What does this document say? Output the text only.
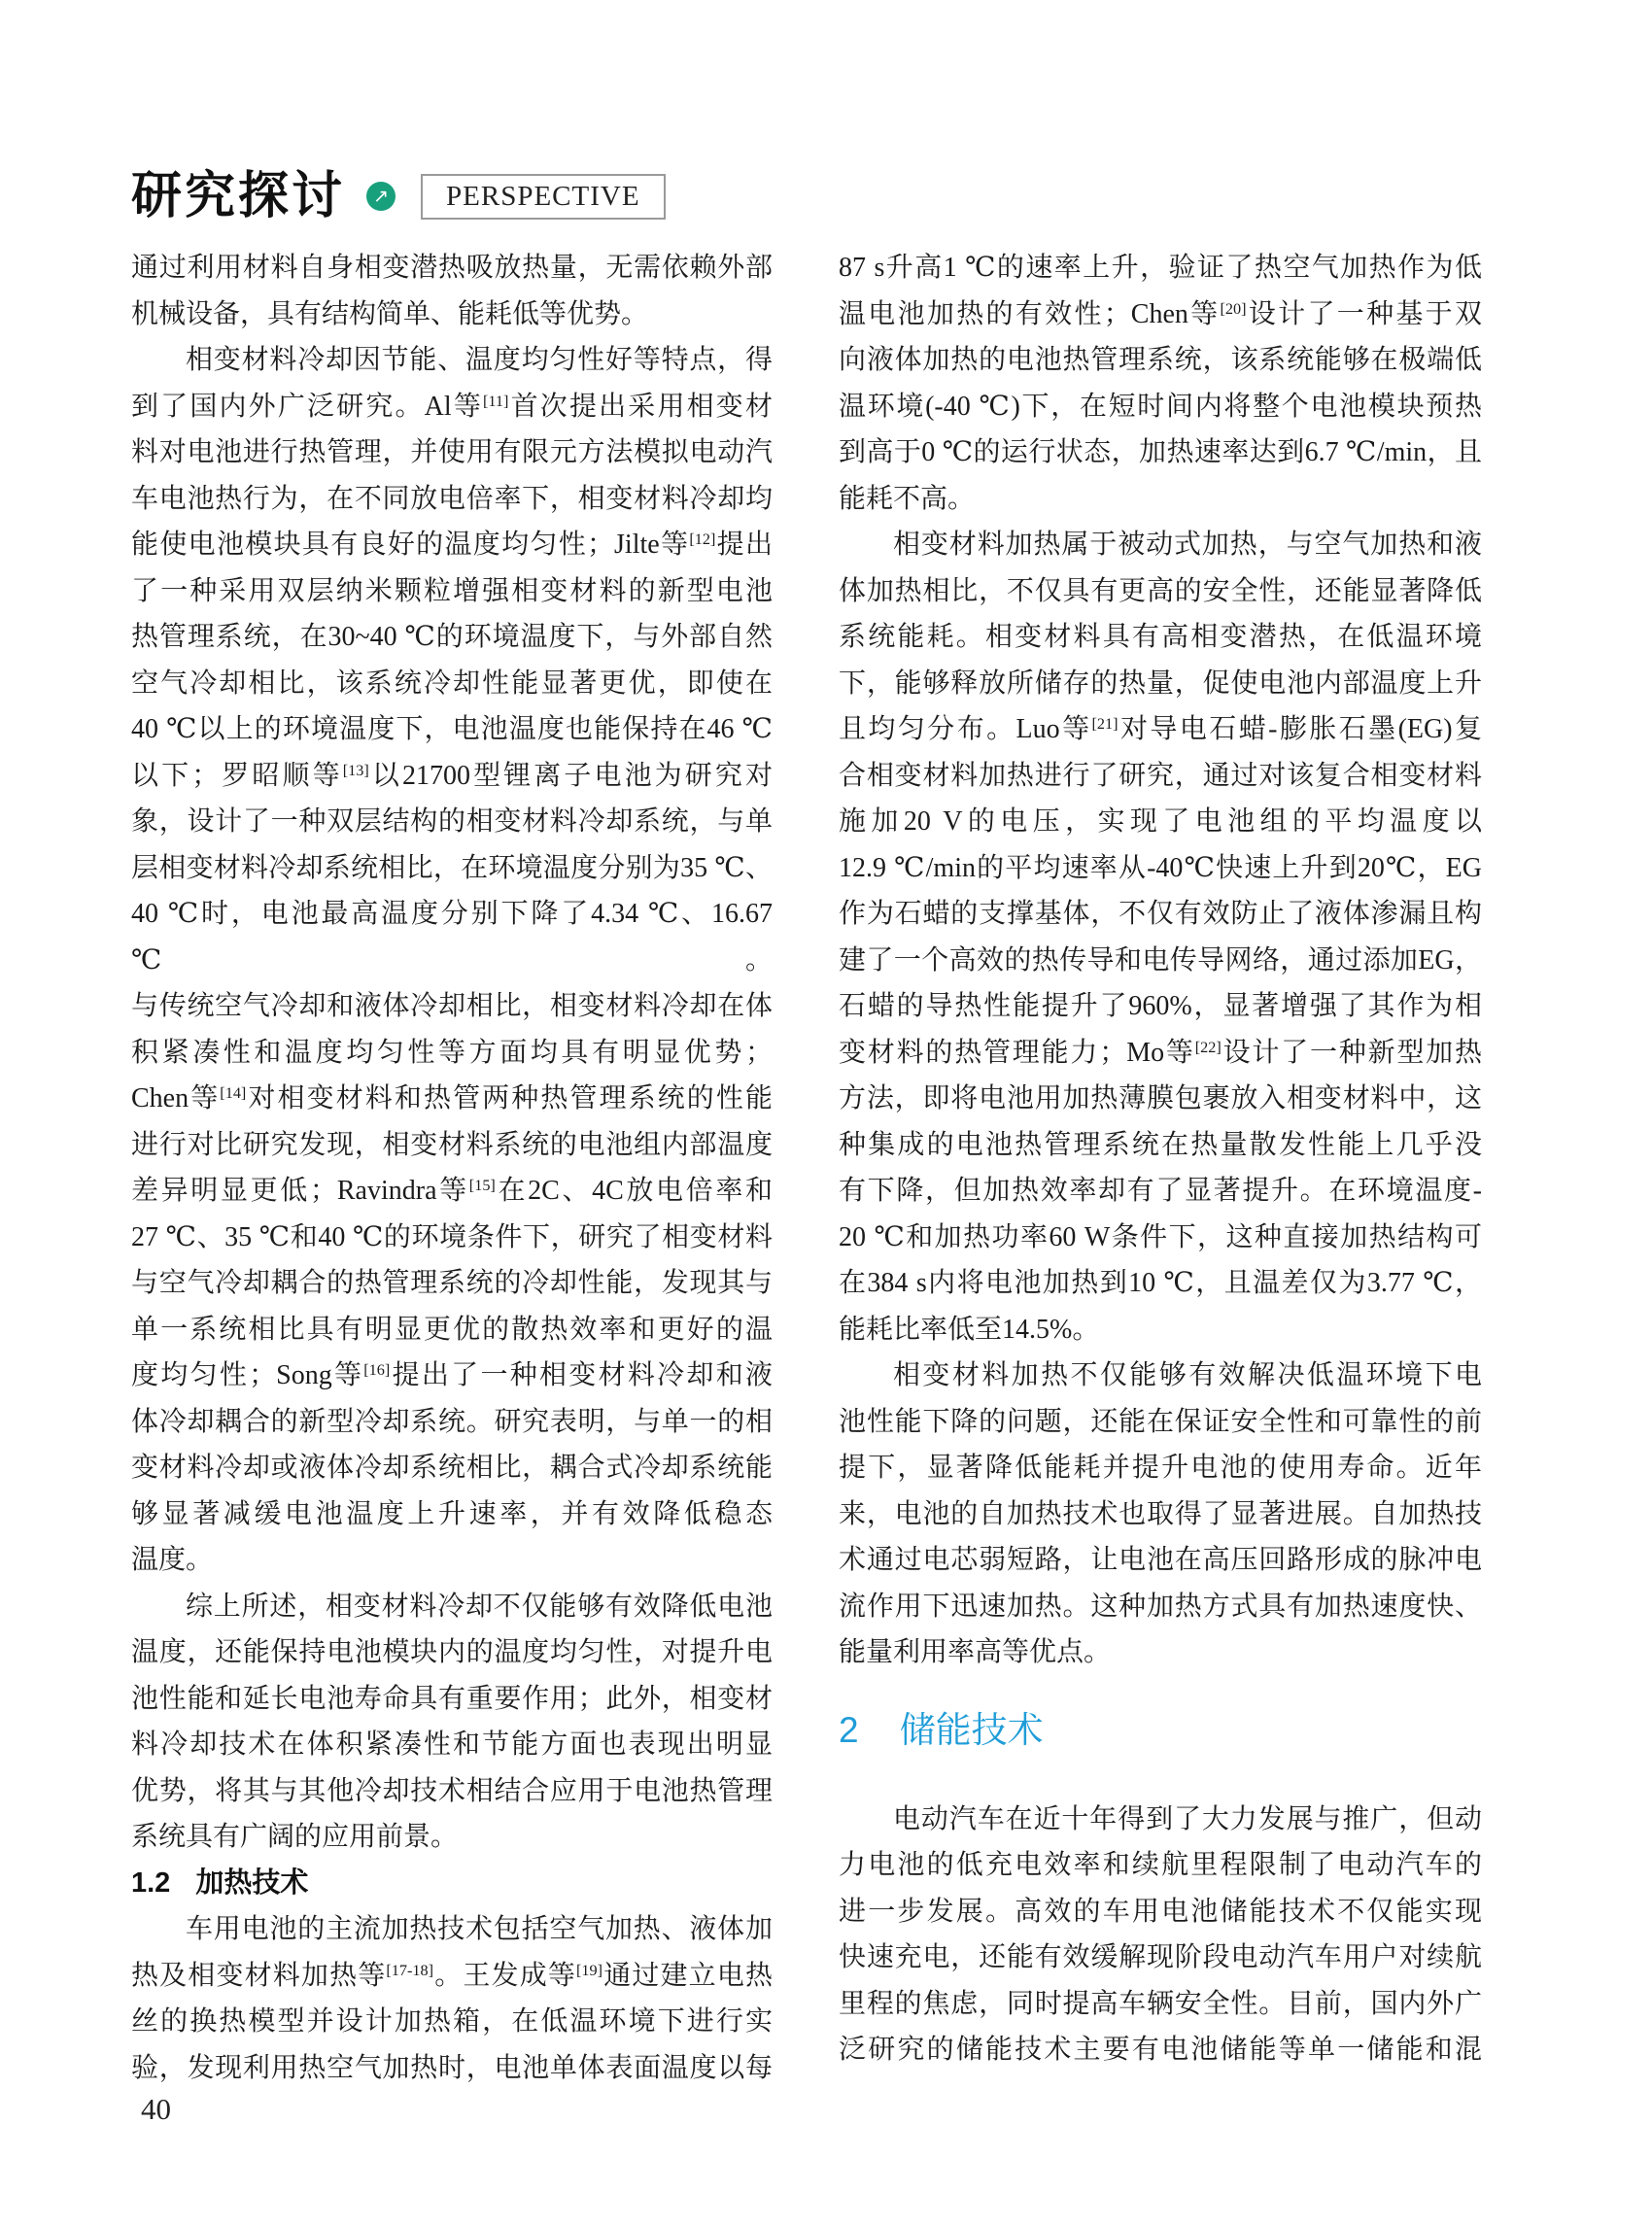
研究探讨 ↗	PERSPECTIVE
通过利用材料自身相变潜热吸放热量，无需依赖外部
机械设备，具有结构简单、能耗低等优势。
相变材料冷却因节能、温度均匀性好等特点，得
到了国内外广泛研究。Al等[11]首次提出采用相变材
料对电池进行热管理，并使用有限元方法模拟电动汽
车电池热行为，在不同放电倍率下，相变材料冷却均
能使电池模块具有良好的温度均匀性；Jilte等[12]提出
了一种采用双层纳米颗粒增强相变材料的新型电池
热管理系统，在30~40 ℃的环境温度下，与外部自然
空气冷却相比，该系统冷却性能显著更优，即使在
40 ℃以上的环境温度下，电池温度也能保持在46 ℃
以下；罗昭顺等[13]以21700型锂离子电池为研究对
象，设计了一种双层结构的相变材料冷却系统，与单
层相变材料冷却系统相比，在环境温度分别为35 ℃、
40 ℃时，电池最高温度分别下降了4.34 ℃、16.67 ℃。
与传统空气冷却和液体冷却相比，相变材料冷却在体
积紧凑性和温度均匀性等方面均具有明显优势；
Chen等[14]对相变材料和热管两种热管理系统的性能
进行对比研究发现，相变材料系统的电池组内部温度
差异明显更低；Ravindra等[15]在2C、4C放电倍率和
27 ℃、35 ℃和40 ℃的环境条件下，研究了相变材料
与空气冷却耦合的热管理系统的冷却性能，发现其与
单一系统相比具有明显更优的散热效率和更好的温
度均匀性；Song等[16]提出了一种相变材料冷却和液
体冷却耦合的新型冷却系统。研究表明，与单一的相
变材料冷却或液体冷却系统相比，耦合式冷却系统能
够显著减缓电池温度上升速率，并有效降低稳态
温度。
综上所述，相变材料冷却不仅能够有效降低电池
温度，还能保持电池模块内的温度均匀性，对提升电
池性能和延长电池寿命具有重要作用；此外，相变材
料冷却技术在体积紧凑性和节能方面也表现出明显
优势，将其与其他冷却技术相结合应用于电池热管理
系统具有广阔的应用前景。
1.2 加热技术
车用电池的主流加热技术包括空气加热、液体加
热及相变材料加热等[17-18]。王发成等[19]通过建立电热
丝的换热模型并设计加热箱，在低温环境下进行实
验，发现利用热空气加热时，电池单体表面温度以每
87 s升高1 ℃的速率上升，验证了热空气加热作为低
温电池加热的有效性；Chen等[20]设计了一种基于双
向液体加热的电池热管理系统，该系统能够在极端低
温环境(-40 ℃)下，在短时间内将整个电池模块预热
到高于0 ℃的运行状态，加热速率达到6.7 ℃/min，且
能耗不高。
相变材料加热属于被动式加热，与空气加热和液
体加热相比，不仅具有更高的安全性，还能显著降低
系统能耗。相变材料具有高相变潜热，在低温环境
下，能够释放所储存的热量，促使电池内部温度上升
且均匀分布。Luo等[21]对导电石蜡-膨胀石墨(EG)复
合相变材料加热进行了研究，通过对该复合相变材料
施加20 V的电压，实现了电池组的平均温度以
12.9 ℃/min的平均速率从-40℃快速上升到20℃，EG
作为石蜡的支撑基体，不仅有效防止了液体渗漏且构
建了一个高效的热传导和电传导网络，通过添加EG，
石蜡的导热性能提升了960%，显著增强了其作为相
变材料的热管理能力；Mo等[22]设计了一种新型加热
方法，即将电池用加热薄膜包裹放入相变材料中，这
种集成的电池热管理系统在热量散发性能上几乎没
有下降，但加热效率却有了显著提升。在环境温度-
20 ℃和加热功率60 W条件下，这种直接加热结构可
在384 s内将电池加热到10 ℃，且温差仅为3.77 ℃，
能耗比率低至14.5%。
相变材料加热不仅能够有效解决低温环境下电
池性能下降的问题，还能在保证安全性和可靠性的前
提下，显著降低能耗并提升电池的使用寿命。近年
来，电池的自加热技术也取得了显著进展。自加热技
术通过电芯弱短路，让电池在高压回路形成的脉冲电
流作用下迅速加热。这种加热方式具有加热速度快、
能量利用率高等优点。
2 储能技术
电动汽车在近十年得到了大力发展与推广，但动
力电池的低充电效率和续航里程限制了电动汽车的
进一步发展。高效的车用电池储能技术不仅能实现
快速充电，还能有效缓解现阶段电动汽车用户对续航
里程的焦虑，同时提高车辆安全性。目前，国内外广
泛研究的储能技术主要有电池储能等单一储能和混
40
